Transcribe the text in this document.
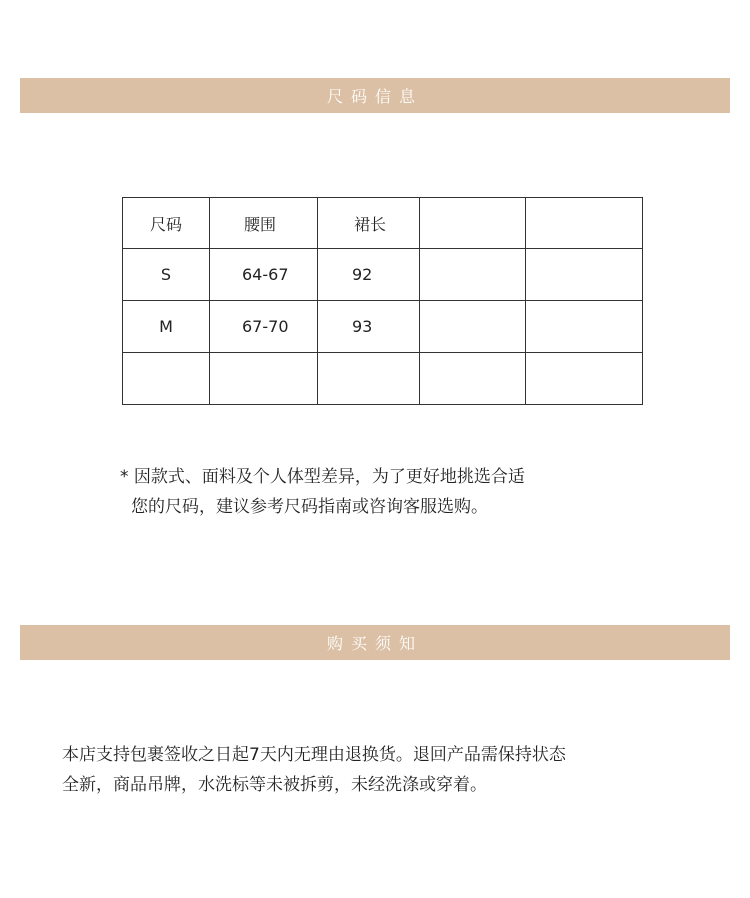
尺码信息
尺码	腰围	裙长		
S	64-67	92		
M	67-70	93		

* 因款式、面料及个人体型差异，为了更好地挑选合适
您的尺码，建议参考尺码指南或咨询客服选购。
购买须知
本店支持包裹签收之日起7天内无理由退换货。退回产品需保持状态
全新，商品吊牌，水洗标等未被拆剪，未经洗涤或穿着。
